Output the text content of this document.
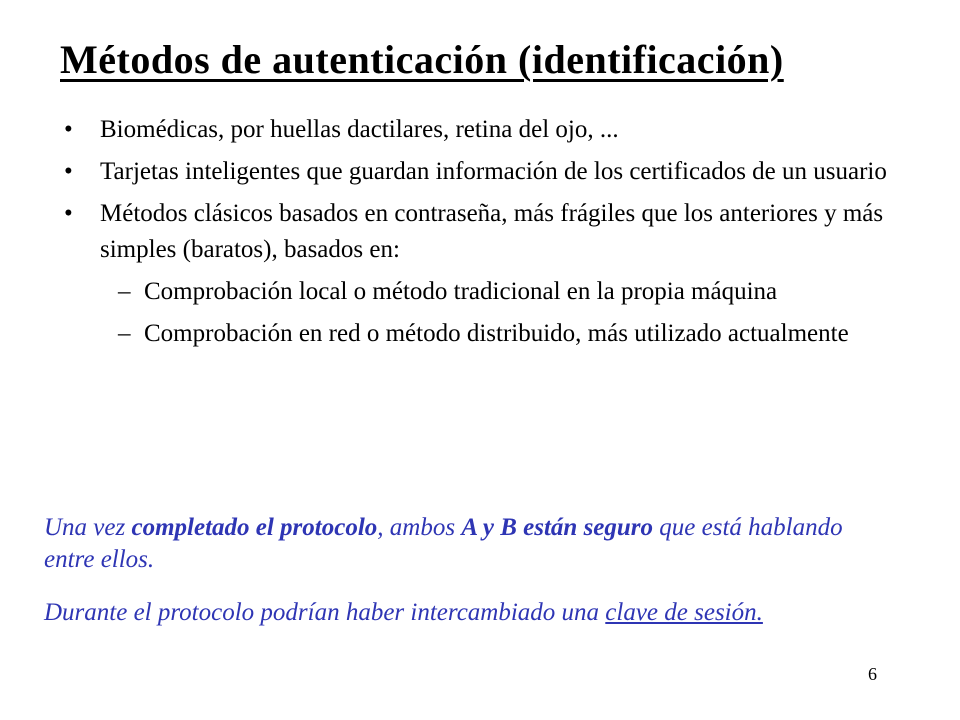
Métodos de autenticación (identificación)
• Biomédicas, por huellas dactilares, retina del ojo, ...
• Tarjetas inteligentes que guardan información de los certificados de un usuario
• Métodos clásicos basados en contraseña, más frágiles que los anteriores y más simples (baratos), basados en:
– Comprobación local o método tradicional en la propia máquina
– Comprobación en red o método distribuido, más utilizado actualmente
Una vez completado el protocolo, ambos A y B están seguro que está hablando entre ellos.
Durante el protocolo podrían haber intercambiado una clave de sesión.
6
